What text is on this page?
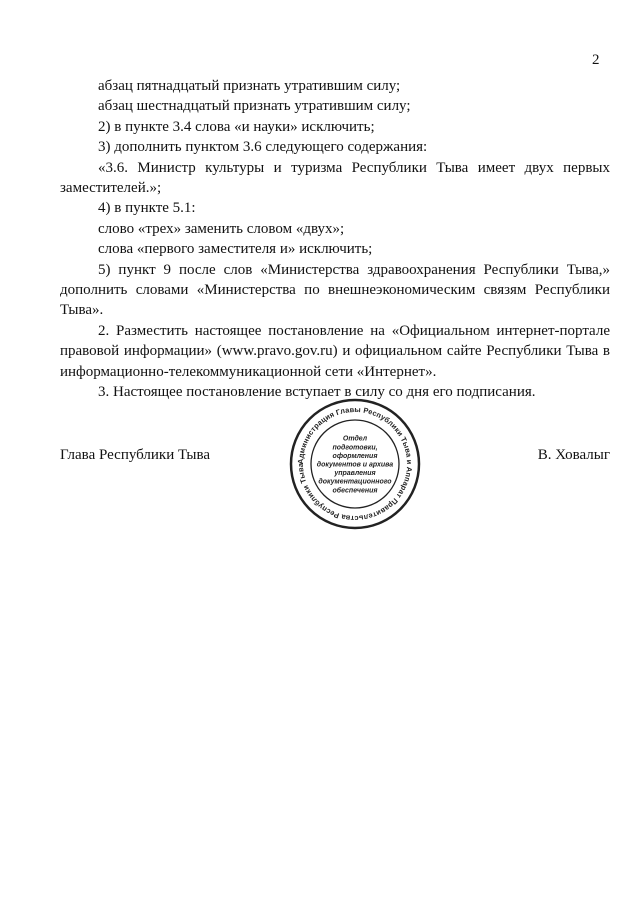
2

абзац пятнадцатый признать утратившим силу;

абзац шестнадцатый признать утратившим силу;

2) в пункте 3.4 слова «и науки» исключить;

3) дополнить пунктом 3.6 следующего содержания:

«3.6. Министр культуры и туризма Республики Тыва имеет двух первых заместителей.»;

4) в пункте 5.1:

слово «трех» заменить словом «двух»;

слова «первого заместителя и» исключить;

5) пункт 9 после слов «Министерства здравоохранения Республики Тыва,» дополнить словами «Министерства по внешнеэкономическим связям Республики Тыва».

2. Разместить настоящее постановление на «Официальном интернет-портале правовой информации» (www.pravo.gov.ru) и официальном сайте Республики Тыва в информационно-телекоммуникационной сети «Интернет».

3. Настоящее постановление вступает в силу со дня его подписания.

Глава Республики Тыва	В. Ховалыг
Администрация Главы Республики Тыва и Аппарат Правительства Республики Тыва
Отдел
подготовки,
оформления
документов и архива
управления
документационного
обеспечения
